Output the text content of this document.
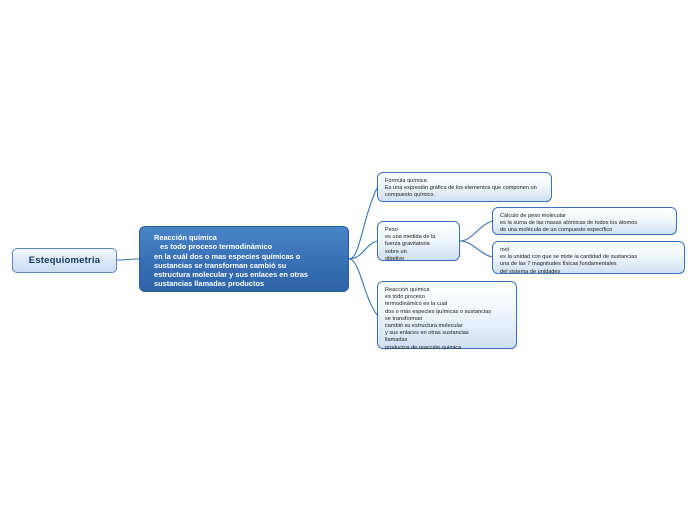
Estequiometria
Reacción química
es todo proceso termodinámico
en la cuál dos o mas especies químicas o
sustancias se transforman cambió su
estructura molecular y sus enlaces en otras
sustancias llamadas productos
Fórmula química
Es una expresión gráfica de los elementos que componen un
compuesto químico.
Peso
es una medida de la
fuerza gravitatoria
sobre un
objetivo
Reacción química
es todo proceso
termodinámico en la cual
dos o más especies químicas o sustancias
se transforman
cambió su estructura molecular
y sus enlaces en otras sustancias
llamadas
productos de reacción química
Cálculo de peso molecular
es la suma de las masas atómicas de todos los átomos
de una molécula de un compuesto específico
mol
es la unidad con que se mide la cantidad de sustancias
una de las 7 magnitudes físicas fundamentales
del sistema de unidades
